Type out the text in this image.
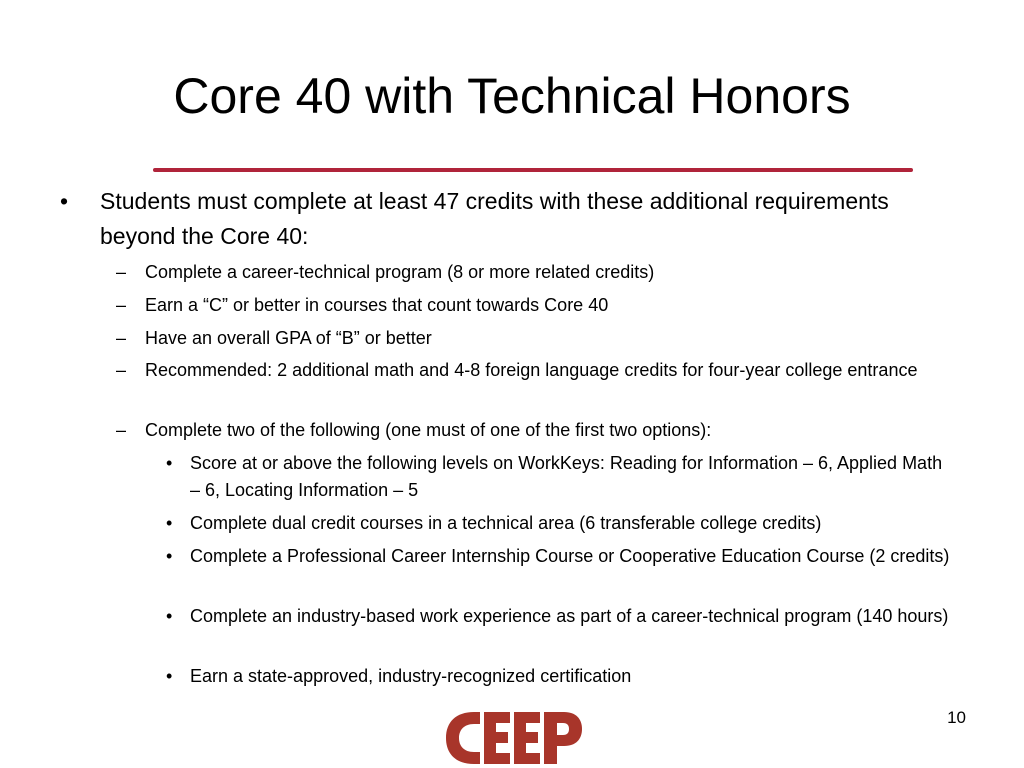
Core 40 with Technical Honors
• Students must complete at least 47 credits with these additional requirements beyond the Core 40:
– Complete a career-technical program (8 or more related credits)
– Earn a “C” or better in courses that count towards Core 40
– Have an overall GPA of “B” or better
– Recommended: 2 additional math and 4-8 foreign language credits for four-year college entrance
– Complete two of the following (one must of one of the first two options):
• Score at or above the following levels on WorkKeys: Reading for Information – 6, Applied Math – 6, Locating Information – 5
• Complete dual credit courses in a technical area (6 transferable college credits)
• Complete a Professional Career Internship Course or Cooperative Education Course (2 credits)
• Complete an industry-based work experience as part of a career-technical program (140 hours)
• Earn a state-approved, industry-recognized certification
10
